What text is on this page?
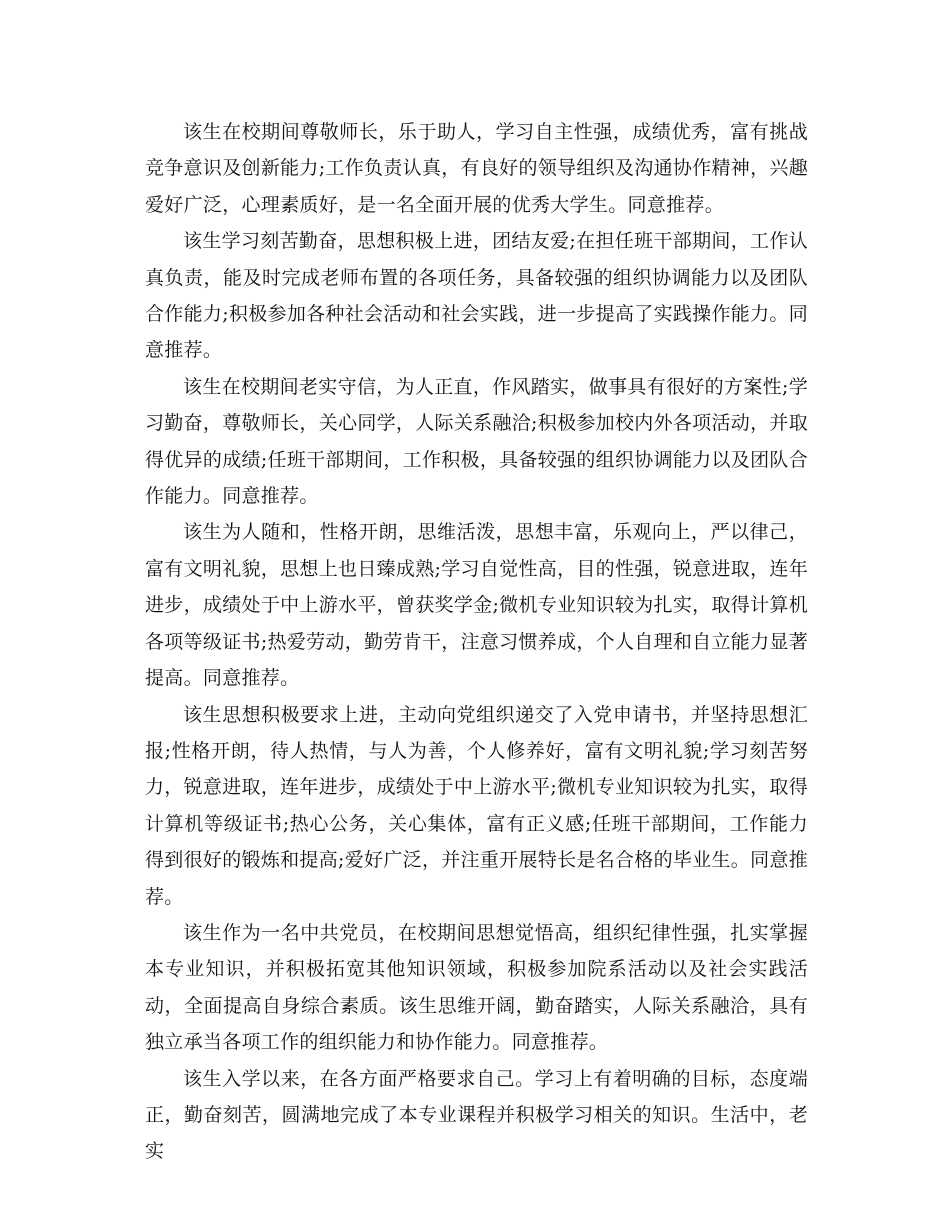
该生在校期间尊敬师长，乐于助人，学习自主性强，成绩优秀，富有挑战竞争意识及创新能力;工作负责认真，有良好的领导组织及沟通协作精神，兴趣爱好广泛，心理素质好，是一名全面开展的优秀大学生。同意推荐。

该生学习刻苦勤奋，思想积极上进，团结友爱;在担任班干部期间，工作认真负责，能及时完成老师布置的各项任务，具备较强的组织协调能力以及团队合作能力;积极参加各种社会活动和社会实践，进一步提高了实践操作能力。同意推荐。

该生在校期间老实守信，为人正直，作风踏实，做事具有很好的方案性;学习勤奋，尊敬师长，关心同学，人际关系融洽;积极参加校内外各项活动，并取得优异的成绩;任班干部期间，工作积极，具备较强的组织协调能力以及团队合作能力。同意推荐。

该生为人随和，性格开朗，思维活泼，思想丰富，乐观向上，严以律己，富有文明礼貌，思想上也日臻成熟;学习自觉性高，目的性强，锐意进取，连年进步，成绩处于中上游水平，曾获奖学金;微机专业知识较为扎实，取得计算机各项等级证书;热爱劳动，勤劳肯干，注意习惯养成，个人自理和自立能力显著提高。同意推荐。

该生思想积极要求上进，主动向党组织递交了入党申请书，并坚持思想汇报;性格开朗，待人热情，与人为善，个人修养好，富有文明礼貌;学习刻苦努力，锐意进取，连年进步，成绩处于中上游水平;微机专业知识较为扎实，取得计算机等级证书;热心公务，关心集体，富有正义感;任班干部期间，工作能力得到很好的锻炼和提高;爱好广泛，并注重开展特长是名合格的毕业生。同意推荐。

该生作为一名中共党员，在校期间思想觉悟高，组织纪律性强，扎实掌握本专业知识，并积极拓宽其他知识领域，积极参加院系活动以及社会实践活动，全面提高自身综合素质。该生思维开阔，勤奋踏实，人际关系融洽，具有独立承当各项工作的组织能力和协作能力。同意推荐。

该生入学以来，在各方面严格要求自己。学习上有着明确的目标，态度端正，勤奋刻苦，圆满地完成了本专业课程并积极学习相关的知识。生活中，老实
